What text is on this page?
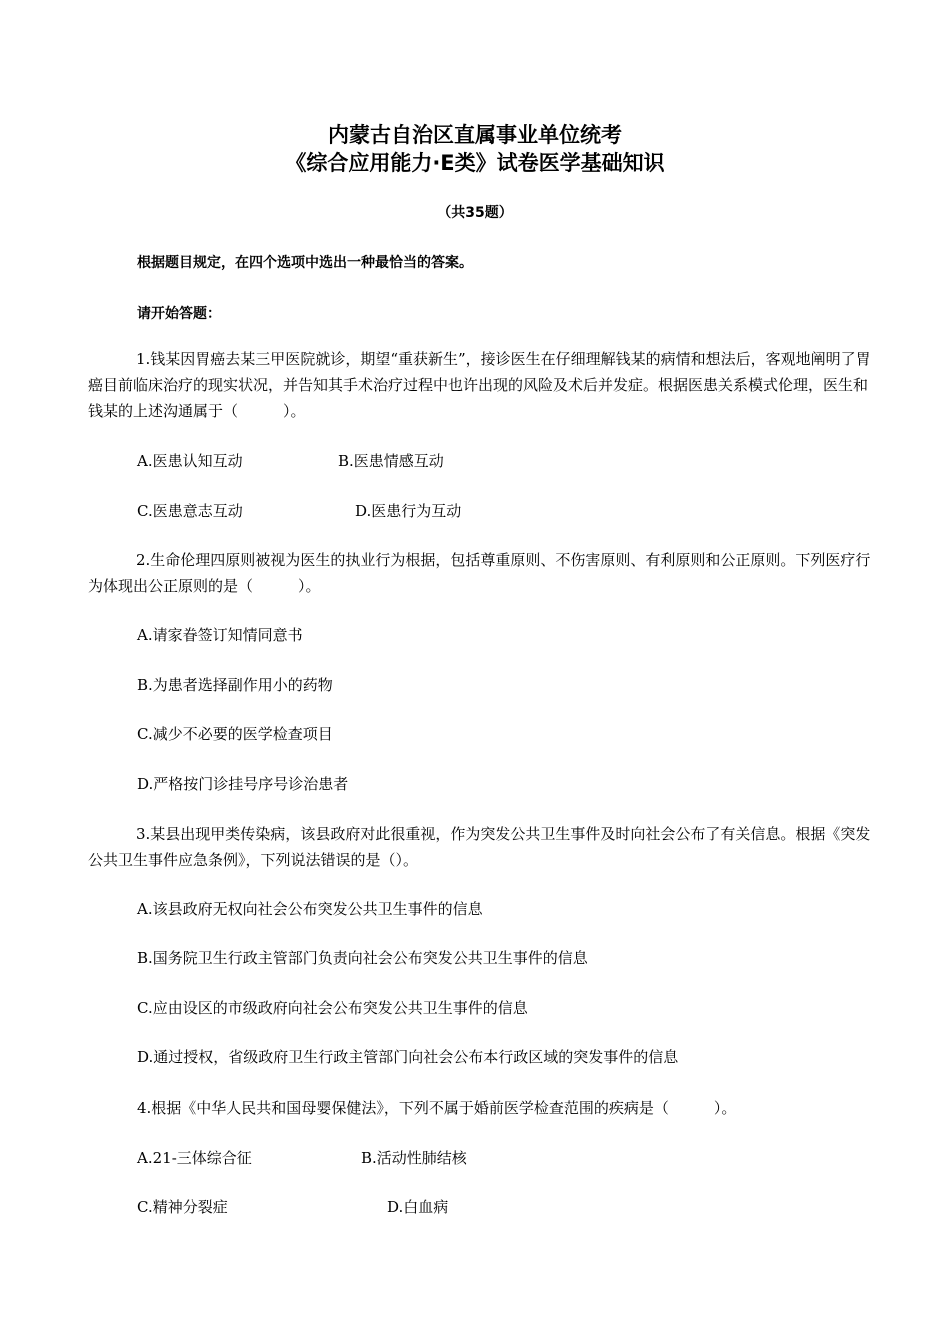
内蒙古自治区直属事业单位统考
《综合应用能力·E类》试卷医学基础知识
（共35题）
根据题目规定，在四个选项中选出一种最恰当的答案。
请开始答题：
1.钱某因胃癌去某三甲医院就诊，期望“重获新生”，接诊医生在仔细理解钱某的病情和想法后，客观地阐明了胃癌目前临床治疗的现实状况，并告知其手术治疗过程中也许出现的风险及术后并发症。根据医患关系模式伦理，医生和钱某的上述沟通属于（　　　）。
A.医患认知互动	B.医患情感互动
C.医患意志互动	D.医患行为互动
2.生命伦理四原则被视为医生的执业行为根据，包括尊重原则、不伤害原则、有利原则和公正原则。下列医疗行为体现出公正原则的是（　　　）。
A.请家眷签订知情同意书
B.为患者选择副作用小的药物
C.减少不必要的医学检查项目
D.严格按门诊挂号序号诊治患者
3.某县出现甲类传染病，该县政府对此很重视，作为突发公共卫生事件及时向社会公布了有关信息。根据《突发公共卫生事件应急条例》，下列说法错误的是（）。
A.该县政府无权向社会公布突发公共卫生事件的信息
B.国务院卫生行政主管部门负责向社会公布突发公共卫生事件的信息
C.应由设区的市级政府向社会公布突发公共卫生事件的信息
D.通过授权，省级政府卫生行政主管部门向社会公布本行政区域的突发事件的信息
4.根据《中华人民共和国母婴保健法》，下列不属于婚前医学检查范围的疾病是（　　　）。
A.21-三体综合征	B.活动性肺结核
C.精神分裂症	D.白血病
